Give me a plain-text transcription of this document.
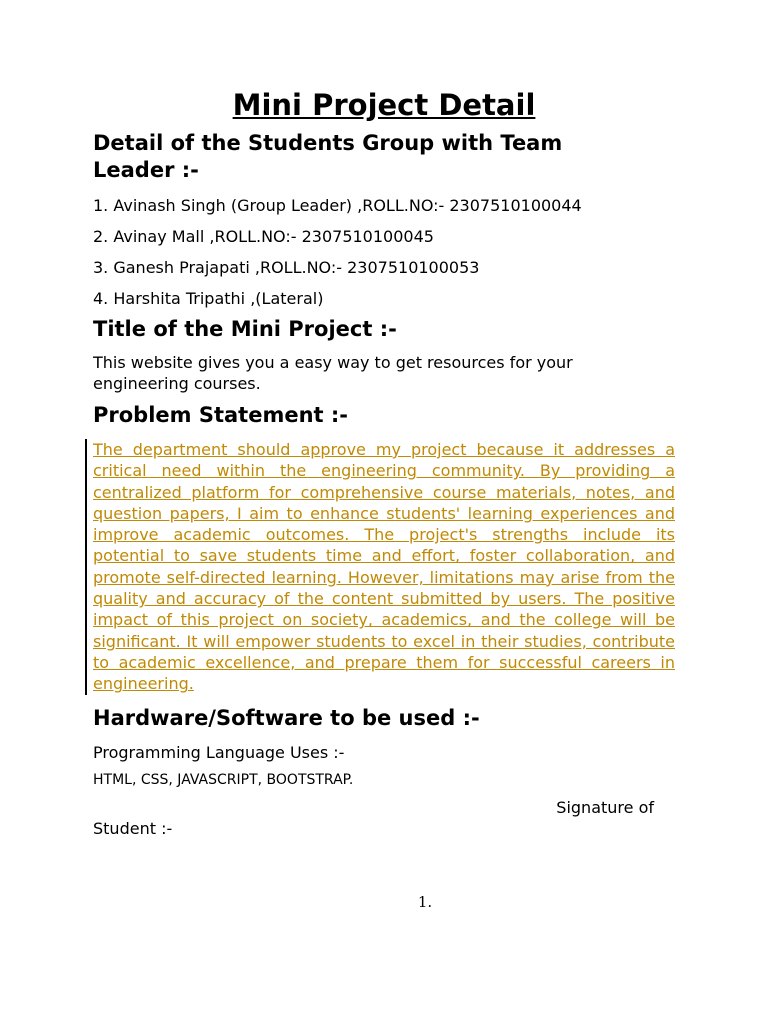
Mini Project Detail
Detail of the Students Group with Team
Leader :-
1. Avinash Singh (Group Leader) ,ROLL.NO:- 2307510100044
2. Avinay Mall ,ROLL.NO:- 2307510100045
3. Ganesh Prajapati ,ROLL.NO:- 2307510100053
4. Harshita Tripathi ,(Lateral)
Title of the Mini Project :-
This website gives you a easy way to get resources for your
engineering courses.
Problem Statement :-

The department should approve my project because it addresses a critical need within the engineering community. By providing a centralized platform for comprehensive course materials, notes, and question papers, I aim to enhance students' learning experiences and improve academic outcomes. The project's strengths include its potential to save students time and effort, foster collaboration, and promote self-directed learning. However, limitations may arise from the quality and accuracy of the content submitted by users. The positive impact of this project on society, academics, and the college will be significant. It will empower students to excel in their studies, contribute to academic excellence, and prepare them for successful careers in engineering.

Hardware/Software to be used :-
Programming Language Uses :-
HTML, CSS, JAVASCRIPT, BOOTSTRAP.
Signature of
Student :-
1.
